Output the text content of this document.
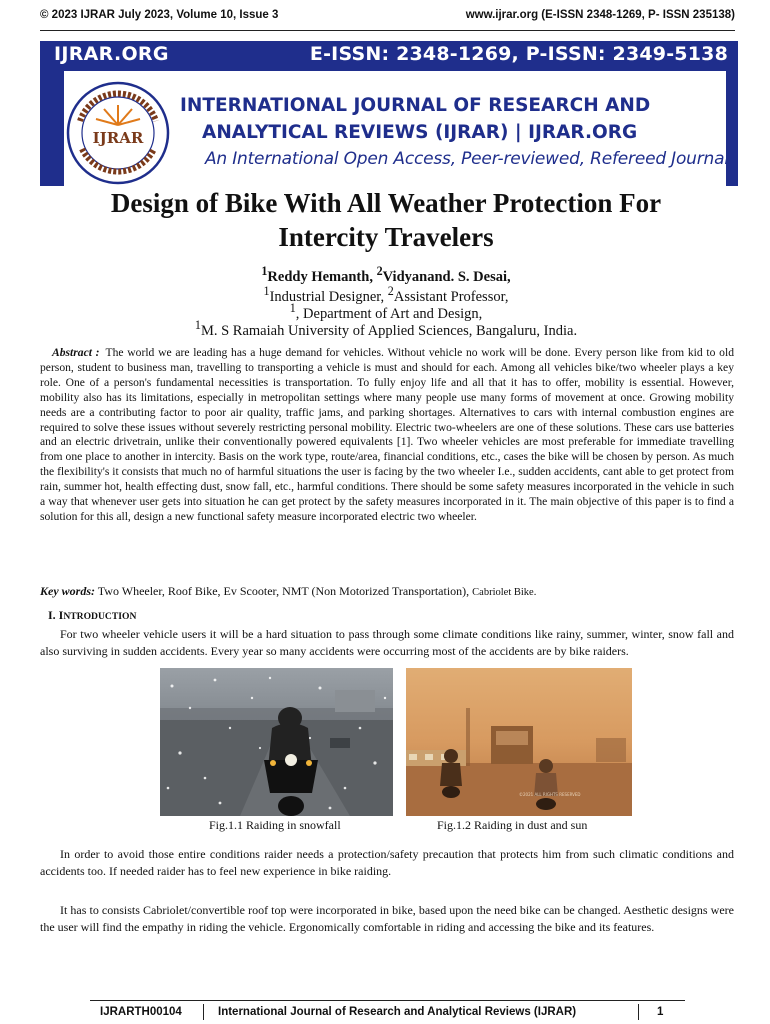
© 2023 IJRAR July 2023, Volume 10, Issue 3	www.ijrar.org (E-ISSN 2348-1269, P- ISSN 235138)
IJRAR.ORG	E-ISSN: 2348-1269, P-ISSN: 2349-5138
IJRAR
INTERNATIONAL JOURNAL OF RESEARCH AND
ANALYTICAL REVIEWS (IJRAR) | IJRAR.ORG
An International Open Access, Peer-reviewed, Refereed Journal
Design of Bike With All Weather Protection For
Intercity Travelers
$^1$Reddy Hemanth, $^2$Vidyanand. S. Desai,
$^1$Industrial Designer, $^2$Assistant Professor,
$^1$, Department of Art and Design,
$^1$M. S Ramaiah University of Applied Sciences, Bangaluru, India.
Abstract : The world we are leading has a huge demand for vehicles. Without vehicle no work will be done. Every person like from kid to old person, student to business man, travelling to transporting a vehicle is must and should for each. Among all vehicles bike/two wheeler plays a key role. One of a person's fundamental necessities is transportation. To fully enjoy life and all that it has to offer, mobility is essential. However, mobility also has its limitations, especially in metropolitan settings where many people use many forms of movement at once. Growing mobility needs are a contributing factor to poor air quality, traffic jams, and parking shortages. Alternatives to cars with internal combustion engines are required to solve these issues without severely restricting personal mobility. Electric two-wheelers are one of these solutions. These cars use batteries and an electric drivetrain, unlike their conventionally powered equivalents [1]. Two wheeler vehicles are most preferable for immediate travelling from one place to another in intercity. Basis on the work type, route/area, financial conditions, etc., cases the bike will be chosen by person. As much the flexibility's it consists that much no of harmful situations the user is facing by the two wheeler I.e., sudden accidents, cant able to get protect from rain, summer hot, health effecting dust, snow fall, etc., harmful conditions. There should be some safety measures incorporated in the vehicle in such a way that whenever user gets into situation he can get protect by the safety measures incorporated in it. The main objective of this paper is to find a solution for this all, design a new functional safety measure incorporated electric two wheeler.
Key words: Two Wheeler, Roof Bike, Ev Scooter, NMT (Non Motorized Transportation), Cabriolet Bike.
I. INTRODUCTION
For two wheeler vehicle users it will be a hard situation to pass through some climate conditions like rainy, summer, winter, snow fall and also surviving in sudden accidents. Every year so many accidents were occurring most of the accidents are by bike raiders.
©2021 ALL RIGHTS RESERVED
Fig.1.1 Raiding in snowfall	Fig.1.2 Raiding in dust and sun
In order to avoid those entire conditions raider needs a protection/safety precaution that protects him from such climatic conditions and accidents too. If needed raider has to feel new experience in bike raiding.
It has to consists Cabriolet/convertible roof top were incorporated in bike, based upon the need bike can be changed. Aesthetic designs were the user will find the empathy in riding the vehicle. Ergonomically comfortable in riding and accessing the bike and its features.
IJRARTH00104	International Journal of Research and Analytical Reviews (IJRAR)	1
